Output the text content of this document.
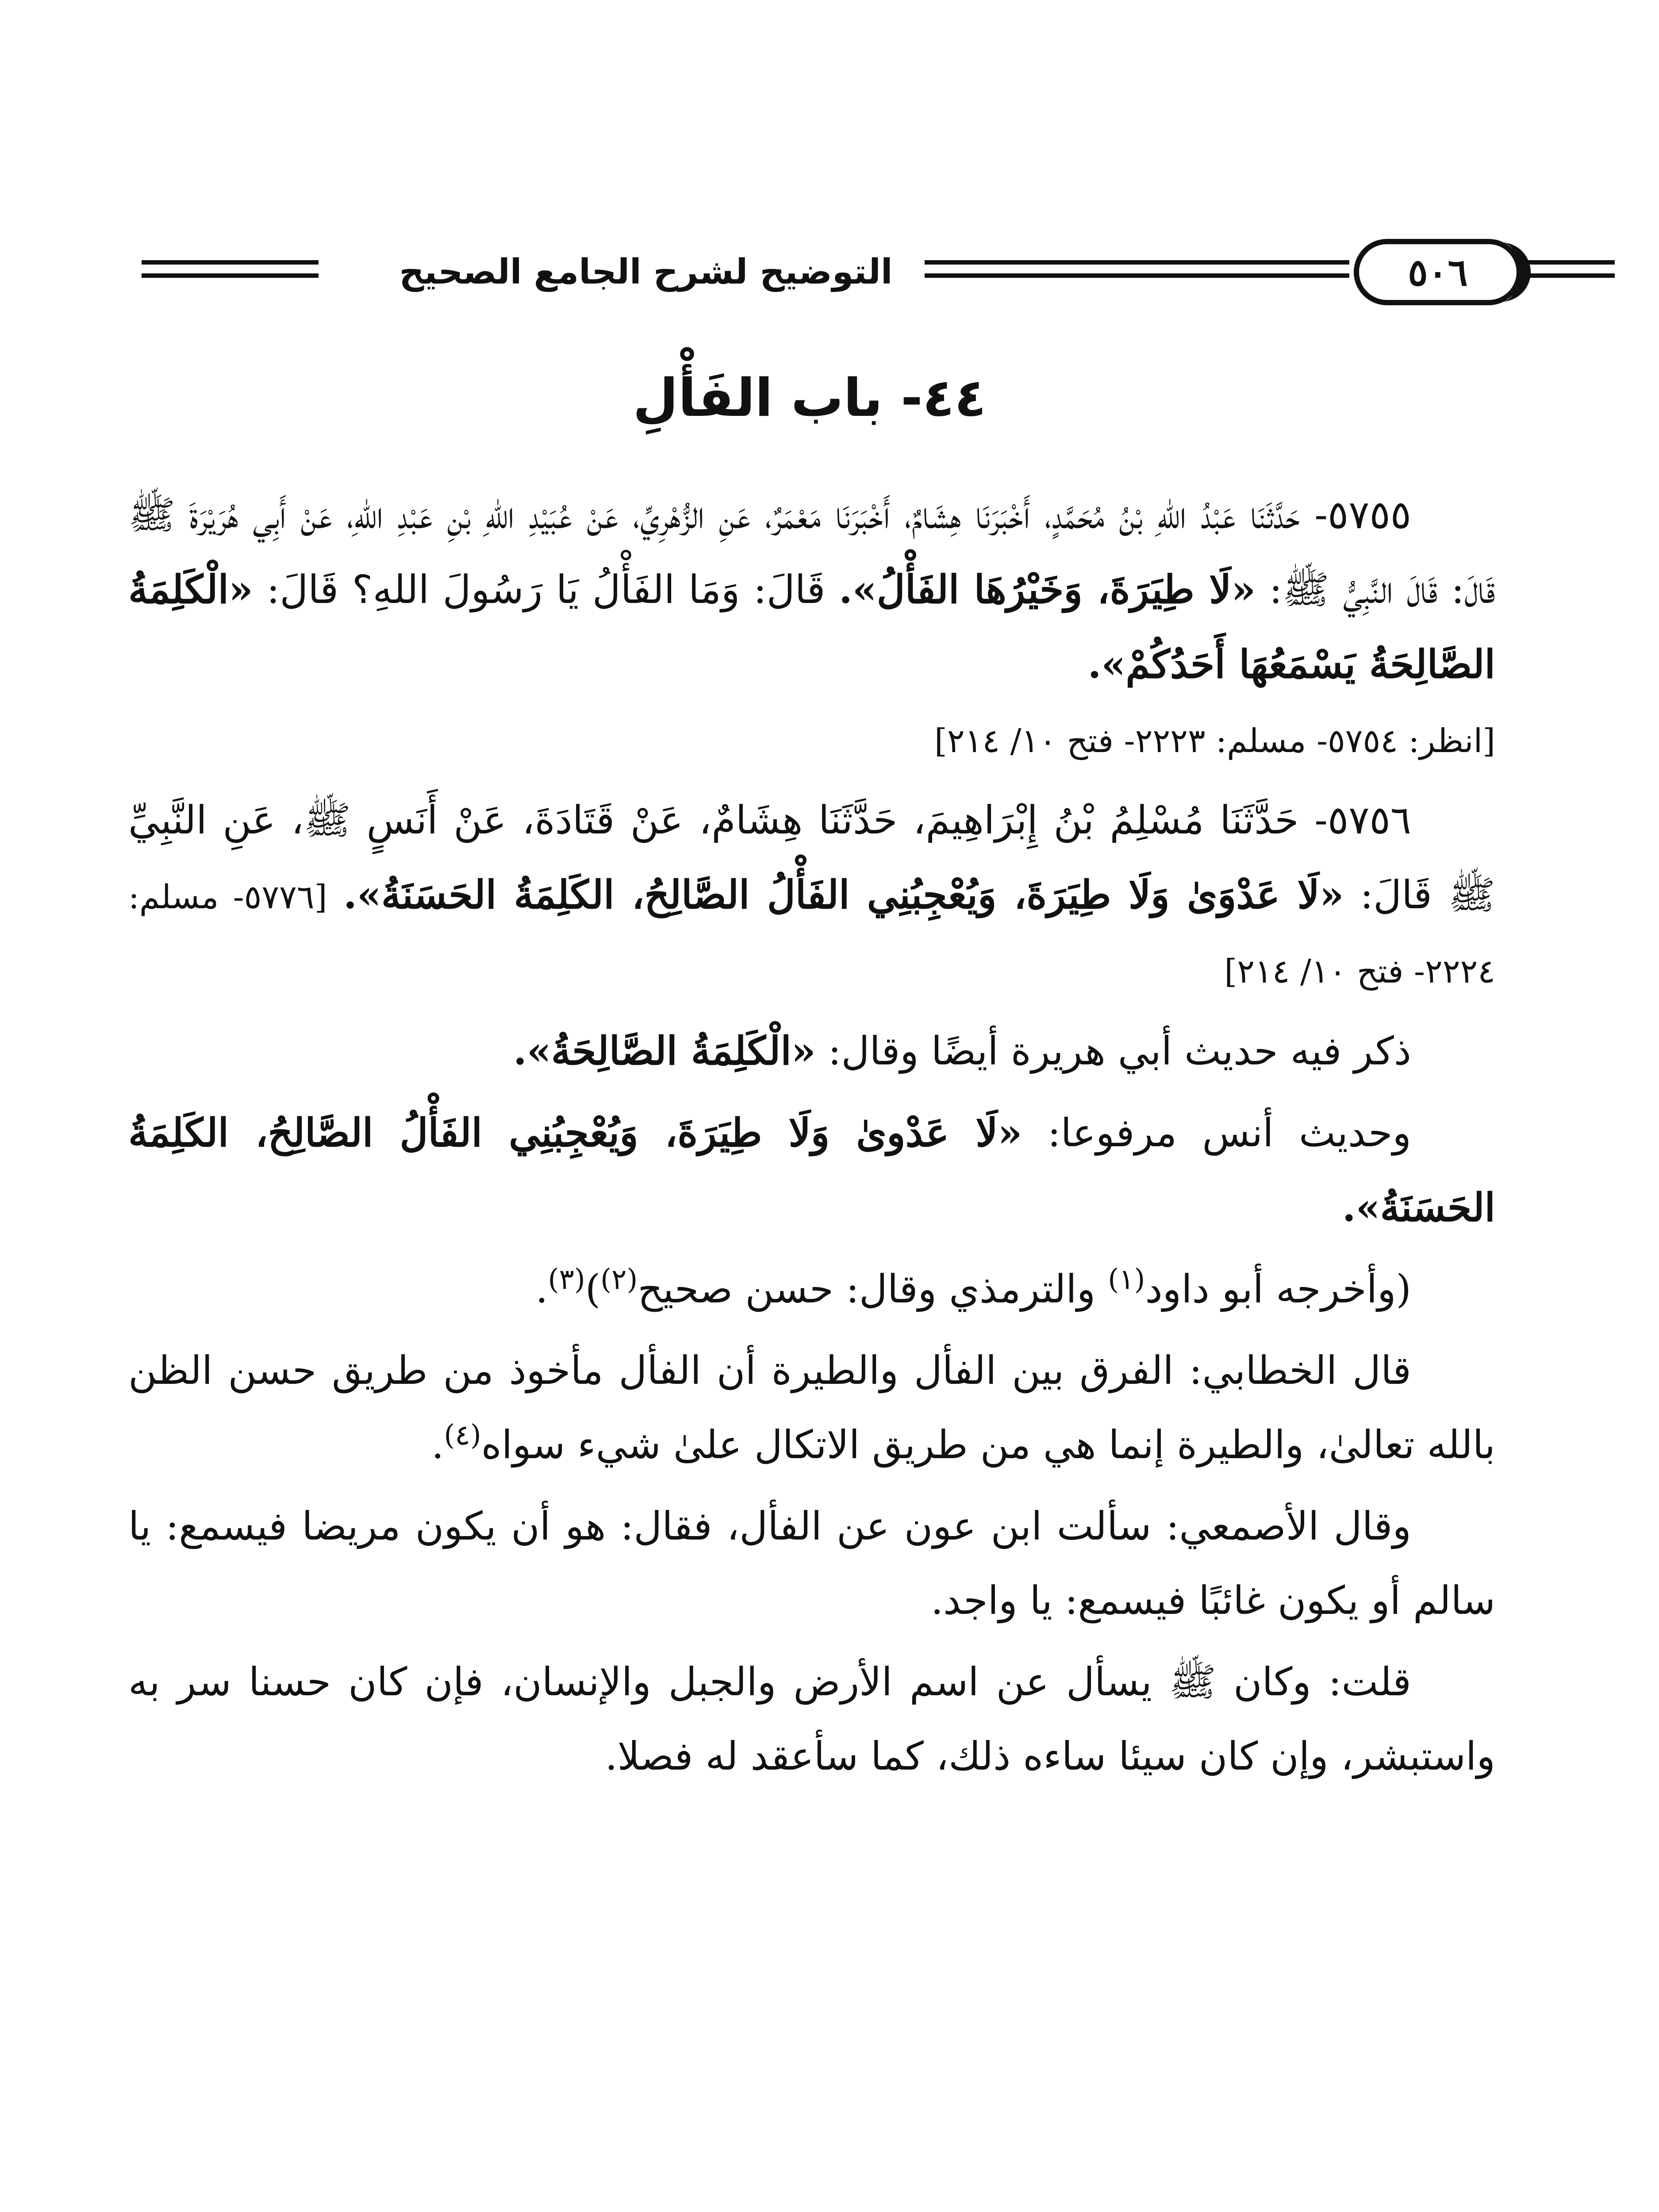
التوضيح لشرح الجامع الصحيح	٥٠٦
٤٤- باب الفَأْلِ

٥٧٥٥- حَدَّثَنَا عَبْدُ اللهِ بْنُ مُحَمَّدٍ، أَخْبَرَنَا هِشَامٌ، أَخْبَرَنَا مَعْمَرٌ، عَنِ الزُّهْرِيِّ، عَنْ عُبَيْدِ اللهِ بْنِ عَبْدِ اللهِ، عَنْ أَبِي هُرَيْرَةَ ﷺ قَالَ: قَالَ النَّبِيُّ ﷺ: «لَا طِيَرَةَ، وَخَيْرُهَا الفَأْلُ». قَالَ: وَمَا الفَأْلُ يَا رَسُولَ اللهِ؟ قَالَ: «الْكَلِمَةُ الصَّالِحَةُ يَسْمَعُهَا أَحَدُكُمْ».
[انظر: ٥٧٥٤- مسلم: ٢٢٢٣- فتح ١٠/ ٢١٤]

٥٧٥٦- حَدَّثَنَا مُسْلِمُ بْنُ إِبْرَاهِيمَ، حَدَّثَنَا هِشَامٌ، عَنْ قَتَادَةَ، عَنْ أَنَسٍ ﷺ، عَنِ النَّبِيِّ ﷺ قَالَ: «لَا عَدْوَىٰ وَلَا طِيَرَةَ، وَيُعْجِبُنِي الفَأْلُ الصَّالِحُ، الكَلِمَةُ الحَسَنَةُ». [٥٧٧٦- مسلم: ٢٢٢٤- فتح ١٠/ ٢١٤]

ذكر فيه حديث أبي هريرة أيضًا وقال: «الْكَلِمَةُ الصَّالِحَةُ».

وحديث أنس مرفوعا: «لَا عَدْوىٰ وَلَا طِيَرَةَ، وَيُعْجِبُنِي الفَأْلُ الصَّالِحُ، الكَلِمَةُ الحَسَنَةُ».

(وأخرجه أبو داود$^{(١)}$ والترمذي وقال: حسن صحيح$^{(٢)}$)$^{(٣)}$.

قال الخطابي: الفرق بين الفأل والطيرة أن الفأل مأخوذ من طريق حسن الظن بالله تعالىٰ، والطيرة إنما هي من طريق الاتكال علىٰ شيء سواه$^{(٤)}$.

وقال الأصمعي: سألت ابن عون عن الفأل، فقال: هو أن يكون مريضا فيسمع: يا سالم أو يكون غائبًا فيسمع: يا واجد.

قلت: وكان ﷺ يسأل عن اسم الأرض والجبل والإنسان، فإن كان حسنا سر به واستبشر، وإن كان سيئا ساءه ذلك، كما سأعقد له فصلا.
